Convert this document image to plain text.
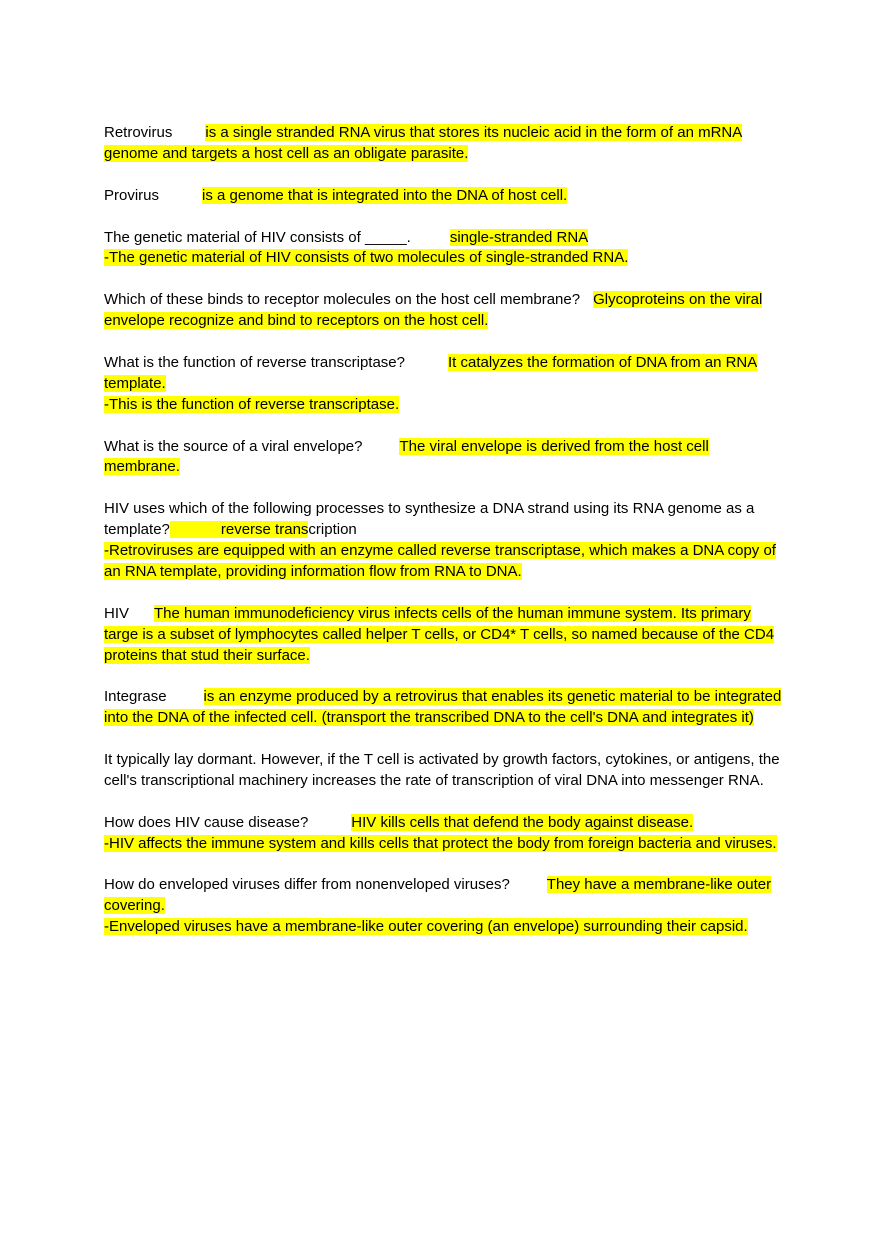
Retrovirus is a single stranded RNA virus that stores its nucleic acid in the form of an mRNA genome and targets a host cell as an obligate parasite.

Provirus	is a genome that is integrated into the DNA of host cell.

The genetic material of HIV consists of _____.	single-stranded RNA
-The genetic material of HIV consists of two molecules of single-stranded RNA.

Which of these binds to receptor molecules on the host cell membrane? Glycoproteins on the viral envelope recognize and bind to receptors on the host cell.

What is the function of reverse transcriptase?	It catalyzes the formation of DNA from an RNA template.
-This is the function of reverse transcriptase.

What is the source of a viral envelope? The viral envelope is derived from the host cell membrane.

HIV uses which of the following processes to synthesize a DNA strand using its RNA genome as a template?	reverse transcription
-Retroviruses are equipped with an enzyme called reverse transcriptase, which makes a DNA copy of an RNA template, providing information flow from RNA to DNA.

HIV The human immunodeficiency virus infects cells of the human immune system. Its primary targe is a subset of lymphocytes called helper T cells, or CD4* T cells, so named because of the CD4 proteins that stud their surface.

Integrase is an enzyme produced by a retrovirus that enables its genetic material to be integrated into the DNA of the infected cell. (transport the transcribed DNA to the cell's DNA and integrates it)

It typically lay dormant. However, if the T cell is activated by growth factors, cytokines, or antigens, the cell's transcriptional machinery increases the rate of transcription of viral DNA into messenger RNA.

How does HIV cause disease?	HIV kills cells that defend the body against disease.
-HIV affects the immune system and kills cells that protect the body from foreign bacteria and viruses.

How do enveloped viruses differ from nonenveloped viruses? They have a membrane-like outer covering.
-Enveloped viruses have a membrane-like outer covering (an envelope) surrounding their capsid.
